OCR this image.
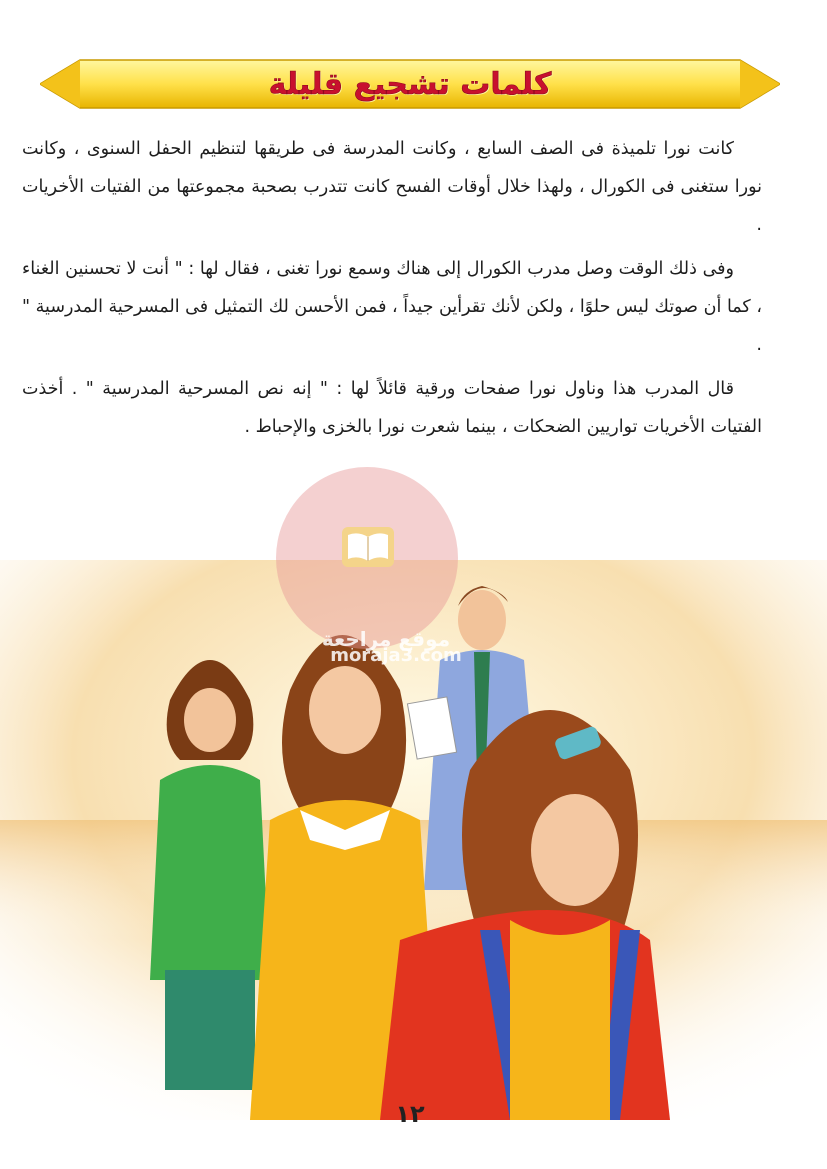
كلمات تشجيع قليلة

كانت نورا تلميذة فى الصف السابع ، وكانت المدرسة فى طريقها لتنظيم الحفل السنوى ، وكانت نورا ستغنى فى الكورال ، ولهذا خلال أوقات الفسح كانت تتدرب بصحبة مجموعتها من الفتيات الأخريات .

وفى ذلك الوقت وصل مدرب الكورال إلى هناك وسمع نورا تغنى ، فقال لها : " أنت لا تحسنين الغناء ، كما أن صوتك ليس حلوًا ، ولكن لأنك تقرأين جيداً ، فمن الأحسن لك التمثيل فى المسرحية المدرسية " .

قال المدرب هذا وناول نورا صفحات ورقية قائلاً لها : " إنه نص المسرحية المدرسية " . أخذت الفتيات الأخريات تواريين الضحكات ، بينما شعرت نورا بالخزى والإحباط .

موقع مراجعة
moraja3.com
١٢
